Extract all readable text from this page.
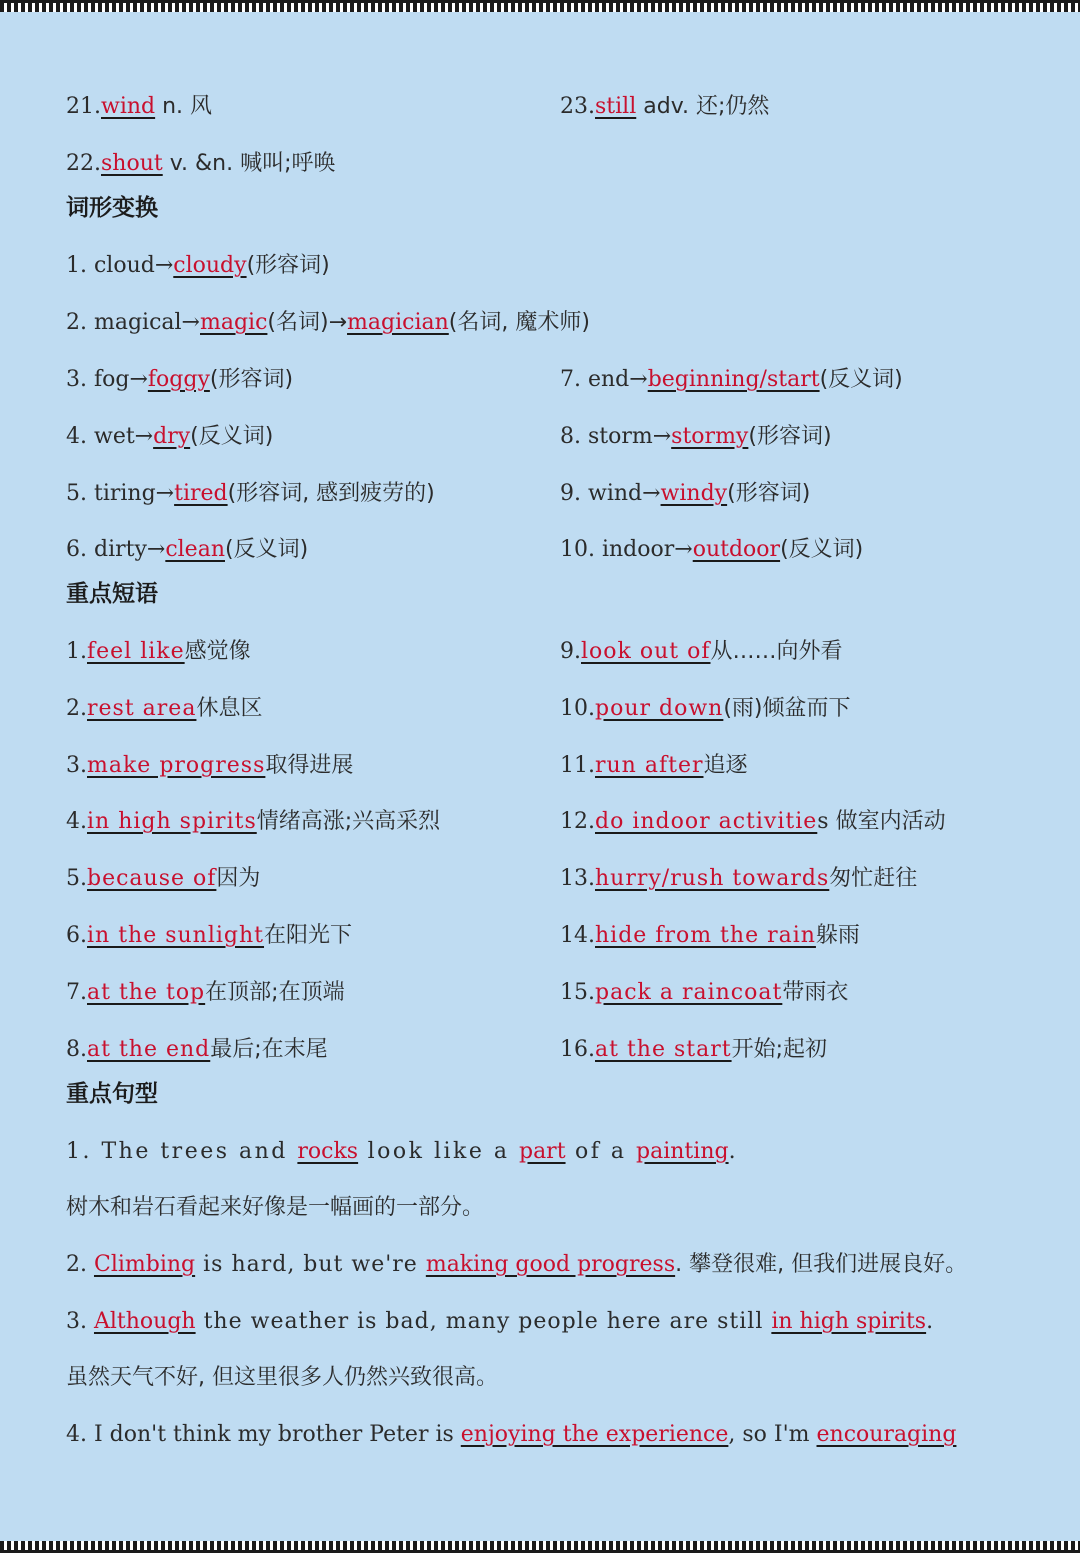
21.wind n. 风
22.shout v. &n. 喊叫;呼唤
23.still adv. 还;仍然
词形变换
1. cloud→cloudy(形容词)
2. magical→magic(名词)→magician(名词, 魔术师)
3. fog→foggy(形容词)
4. wet→dry(反义词)
5. tiring→tired(形容词, 感到疲劳的)
6. dirty→clean(反义词)
7. end→beginning/start(反义词)
8. storm→stormy(形容词)
9. wind→windy(形容词)
10. indoor→outdoor(反义词)
重点短语
1.feel like感觉像
2.rest area休息区
3.make progress取得进展
4.in high spirits情绪高涨;兴高采烈
5.because of因为
6.in the sunlight在阳光下
7.at the top在顶部;在顶端
8.at the end最后;在末尾
9.look out of从……向外看
10.pour down(雨)倾盆而下
11.run after追逐
12.do indoor activities 做室内活动
13.hurry/rush towards匆忙赶往
14.hide from the rain躲雨
15.pack a raincoat带雨衣
16.at the start开始;起初
重点句型
1. The trees and rocks look like a part of a painting.
树木和岩石看起来好像是一幅画的一部分。
2. Climbing is hard, but we're making good progress. 攀登很难, 但我们进展良好。
3. Although the weather is bad, many people here are still in high spirits.
虽然天气不好, 但这里很多人仍然兴致很高。
4. I don't think my brother Peter is enjoying the experience, so I'm encouraging
